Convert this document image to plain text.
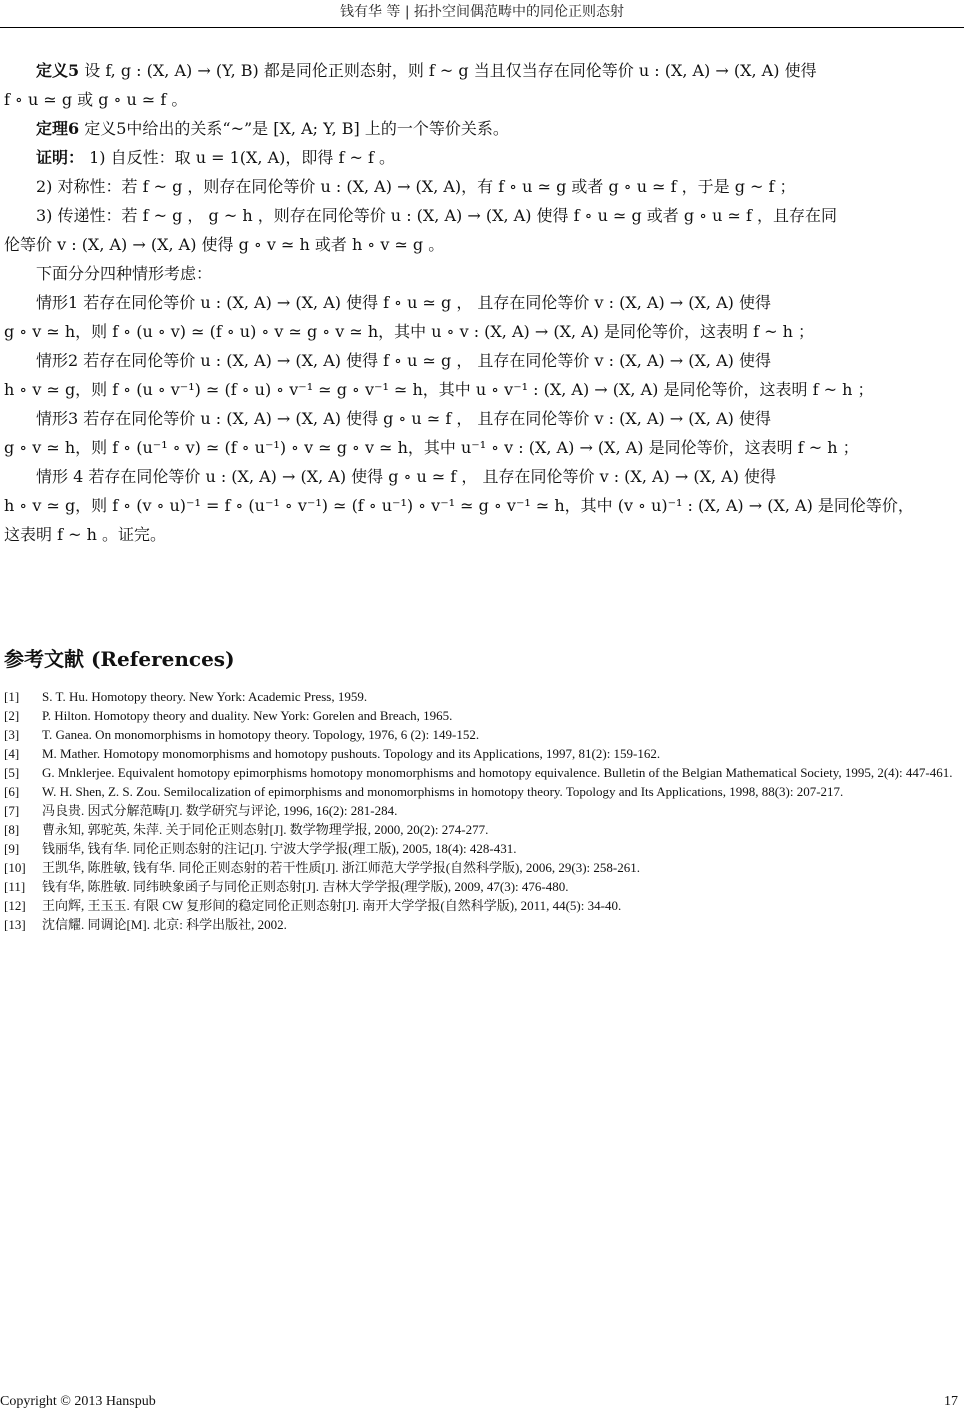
钱有华 等 | 拓扑空间偶范畴中的同伦正则态射

定义5 设 f, g : (X, A) → (Y, B) 都是同伦正则态射，则 f ~ g 当且仅当存在同伦等价 u : (X, A) → (X, A) 使得

f ∘ u ≃ g 或 g ∘ u ≃ f 。

定理6 定义5中给出的关系“~”是 [X, A; Y, B] 上的一个等价关系。

证明： 1) 自反性：取 u = 1(X, A)，即得 f ~ f 。

2) 对称性：若 f ~ g ，则存在同伦等价 u : (X, A) → (X, A)，有 f ∘ u ≃ g 或者 g ∘ u ≃ f ，于是 g ~ f ；

3) 传递性：若 f ~ g ， g ~ h ，则存在同伦等价 u : (X, A) → (X, A) 使得 f ∘ u ≃ g 或者 g ∘ u ≃ f ，且存在同

伦等价 v : (X, A) → (X, A) 使得 g ∘ v ≃ h 或者 h ∘ v ≃ g 。

下面分分四种情形考虑：

情形1 若存在同伦等价 u : (X, A) → (X, A) 使得 f ∘ u ≃ g ， 且存在同伦等价 v : (X, A) → (X, A) 使得

g ∘ v ≃ h，则 f ∘ (u ∘ v) ≃ (f ∘ u) ∘ v ≃ g ∘ v ≃ h，其中 u ∘ v : (X, A) → (X, A) 是同伦等价，这表明 f ~ h ；

情形2 若存在同伦等价 u : (X, A) → (X, A) 使得 f ∘ u ≃ g ， 且存在同伦等价 v : (X, A) → (X, A) 使得

h ∘ v ≃ g，则 f ∘ (u ∘ v⁻¹) ≃ (f ∘ u) ∘ v⁻¹ ≃ g ∘ v⁻¹ ≃ h，其中 u ∘ v⁻¹ : (X, A) → (X, A) 是同伦等价，这表明 f ~ h ；

情形3 若存在同伦等价 u : (X, A) → (X, A) 使得 g ∘ u ≃ f ， 且存在同伦等价 v : (X, A) → (X, A) 使得

g ∘ v ≃ h，则 f ∘ (u⁻¹ ∘ v) ≃ (f ∘ u⁻¹) ∘ v ≃ g ∘ v ≃ h，其中 u⁻¹ ∘ v : (X, A) → (X, A) 是同伦等价，这表明 f ~ h ；

情形 4 若存在同伦等价 u : (X, A) → (X, A) 使得 g ∘ u ≃ f ， 且存在同伦等价 v : (X, A) → (X, A) 使得

h ∘ v ≃ g，则 f ∘ (v ∘ u)⁻¹ = f ∘ (u⁻¹ ∘ v⁻¹) ≃ (f ∘ u⁻¹) ∘ v⁻¹ ≃ g ∘ v⁻¹ ≃ h，其中 (v ∘ u)⁻¹ : (X, A) → (X, A) 是同伦等价，

这表明 f ~ h 。证完。

参考文献 (References)
[1]	S. T. Hu. Homotopy theory. New York: Academic Press, 1959.
[2]	P. Hilton. Homotopy theory and duality. New York: Gorelen and Breach, 1965.
[3]	T. Ganea. On monomorphisms in homotopy theory. Topology, 1976, 6 (2): 149-152.
[4]	M. Mather. Homotopy monomorphisms and homotopy pushouts. Topology and its Applications, 1997, 81(2): 159-162.
[5]	G. Mnklerjee. Equivalent homotopy epimorphisms homotopy monomorphisms and homotopy equivalence. Bulletin of the Belgian Mathematical Society, 1995, 2(4): 447-461.
[6]	W. H. Shen, Z. S. Zou. Semilocalization of epimorphisms and monomorphisms in homotopy theory. Topology and Its Applications, 1998, 88(3): 207-217.
[7]	冯良贵. 因式分解范畴[J]. 数学研究与评论, 1996, 16(2): 281-284.
[8]	曹永知, 郭驼英, 朱萍. 关于同伦正则态射[J]. 数学物理学报, 2000, 20(2): 274-277.
[9]	钱丽华, 钱有华. 同伦正则态射的注记[J]. 宁波大学学报(理工版), 2005, 18(4): 428-431.
[10]	王凯华, 陈胜敏, 钱有华. 同伦正则态射的若干性质[J]. 浙江师范大学学报(自然科学版), 2006, 29(3): 258-261.
[11]	钱有华, 陈胜敏. 同纬映象函子与同伦正则态射[J]. 吉林大学学报(理学版), 2009, 47(3): 476-480.
[12]	王向辉, 王玉玉. 有限 CW 复形间的稳定同伦正则态射[J]. 南开大学学报(自然科学版), 2011, 44(5): 34-40.
[13]	沈信耀. 同调论[M]. 北京: 科学出版社, 2002.
Copyright © 2013 Hanspub	17
